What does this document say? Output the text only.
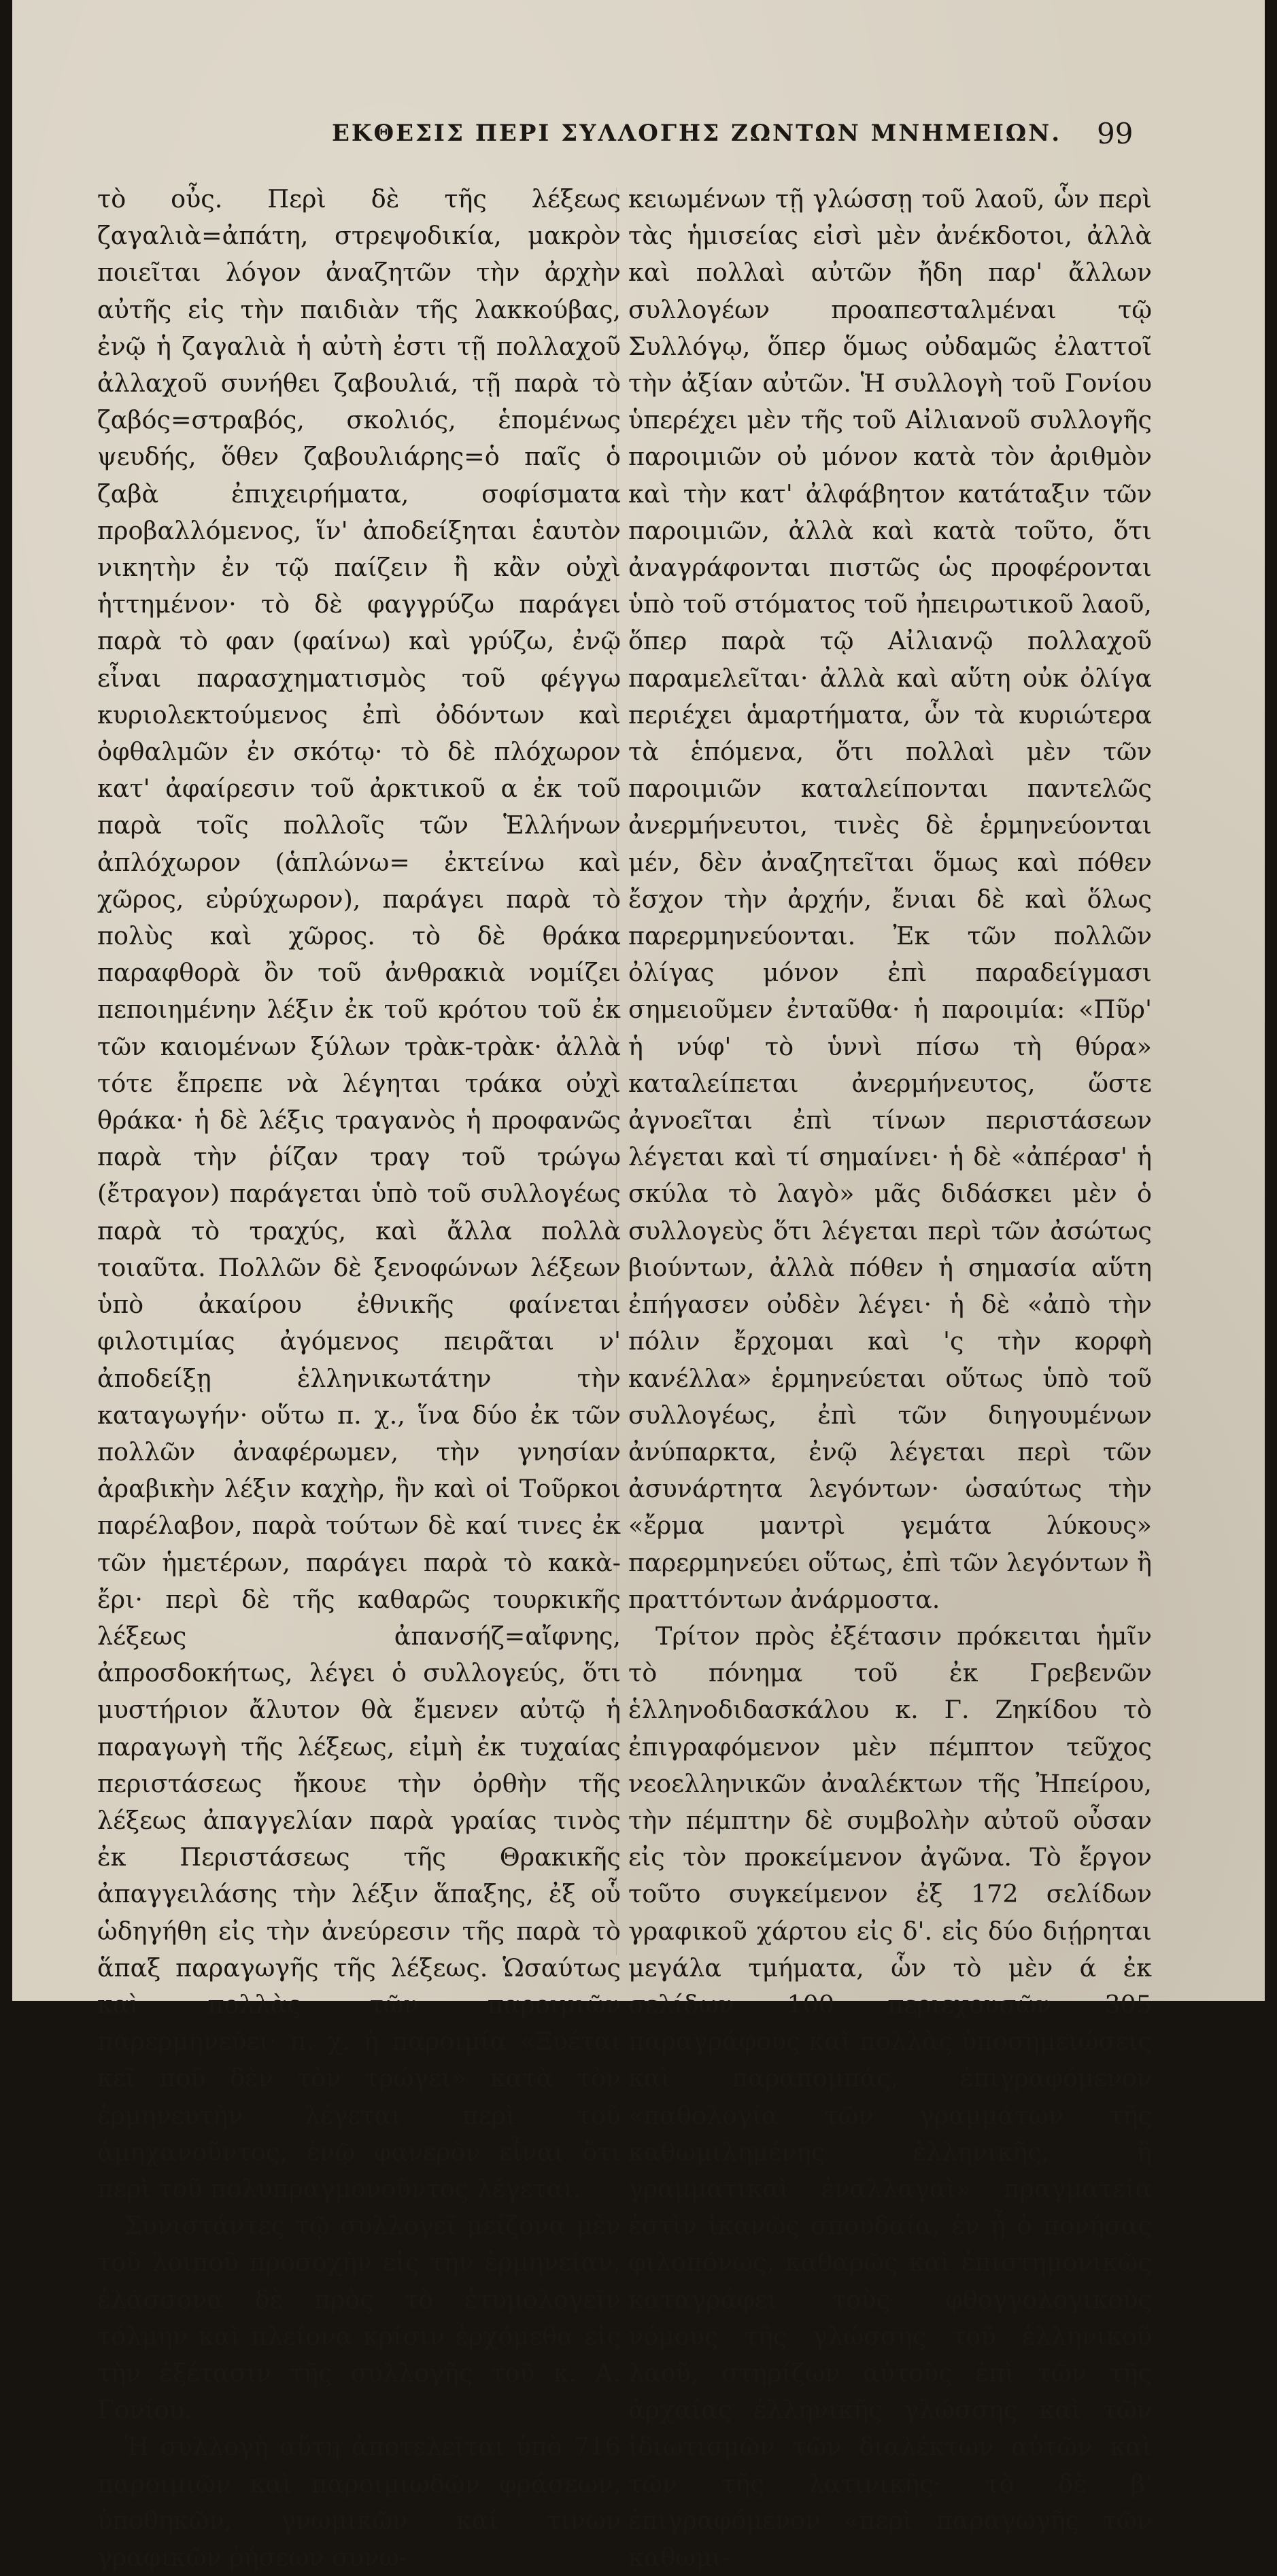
ΕΚΘΕΣΙΣ ΠΕΡΙ ΣΥΛΛΟΓΗΣ ΖΩΝΤΩΝ ΜΝΗΜΕΙΩΝ. 99

τὸ οὖς. Περὶ δὲ τῆς λέξεως ζαγαλιὰ=ἀπάτη, στρεψοδικία, μακρὸν ποιεῖται λόγον ἀναζητῶν τὴν ἀρχὴν αὐτῆς εἰς τὴν παιδιὰν τῆς λακκούβας, ἐνῷ ἡ ζαγαλιὰ ἡ αὐτὴ ἐστι τῇ πολλαχοῦ ἀλλαχοῦ συνήθει ζαβουλιά, τῇ παρὰ τὸ ζαβός=στραβός, σκολιός, ἑπομένως ψευδής, ὅθεν ζαβουλιάρης=ὁ παῖς ὁ ζαβὰ ἐπιχειρήματα, σοφίσματα προβαλλόμενος, ἵν' ἀποδείξηται ἑαυτὸν νικητὴν ἐν τῷ παίζειν ἢ κἂν οὐχὶ ἡττημένον· τὸ δὲ φαγγρύζω παράγει παρὰ τὸ φαν (φαίνω) καὶ γρύζω, ἐνῷ εἶναι παρασχηματισμὸς τοῦ φέγγω κυριολεκτούμενος ἐπὶ ὀδόντων καὶ ὀφθαλμῶν ἐν σκότῳ· τὸ δὲ πλόχωρον κατ' ἀφαίρεσιν τοῦ ἀρκτικοῦ α ἐκ τοῦ παρὰ τοῖς πολλοῖς τῶν Ἑλλήνων ἀπλόχωρον (ἁπλώνω= ἐκτείνω καὶ χῶρος, εὐρύχωρον), παράγει παρὰ τὸ πολὺς καὶ χῶρος. τὸ δὲ θράκα παραφθορὰ ὂν τοῦ ἀνθρακιὰ νομίζει πεποιημένην λέξιν ἐκ τοῦ κρότου τοῦ ἐκ τῶν καιομένων ξύλων τρὰκ-τρὰκ· ἀλλὰ τότε ἔπρεπε νὰ λέγηται τράκα οὐχὶ θράκα· ἡ δὲ λέξις τραγανὸς ἡ προφανῶς παρὰ τὴν ῥίζαν τραγ τοῦ τρώγω (ἔτραγον) παράγεται ὑπὸ τοῦ συλλογέως παρὰ τὸ τραχύς, καὶ ἄλλα πολλὰ τοιαῦτα. Πολλῶν δὲ ξενοφώνων λέξεων ὑπὸ ἀκαίρου ἐθνικῆς φαίνεται φιλοτιμίας ἀγόμενος πειρᾶται ν' ἀποδείξῃ ἑλληνικωτάτην τὴν καταγωγήν· οὕτω π. χ., ἵνα δύο ἐκ τῶν πολλῶν ἀναφέρωμεν, τὴν γνησίαν ἀραβικὴν λέξιν καχὴρ, ἣν καὶ οἱ Τοῦρκοι παρέλαβον, παρὰ τούτων δὲ καί τινες ἐκ τῶν ἡμετέρων, παράγει παρὰ τὸ κακὰ-ἔρι· περὶ δὲ τῆς καθαρῶς τουρκικῆς λέξεως ἀπανσήζ=αἴφνης, ἀπροσδοκήτως, λέγει ὁ συλλογεύς, ὅτι μυστήριον ἄλυτον θὰ ἔμενεν αὐτῷ ἡ παραγωγὴ τῆς λέξεως, εἰμὴ ἐκ τυχαίας περιστάσεως ἤκουε τὴν ὀρθὴν τῆς λέξεως ἀπαγγελίαν παρὰ γραίας τινὸς ἐκ Περιστάσεως τῆς Θρακικῆς ἀπαγγειλάσης τὴν λέξιν ἅπαξης, ἐξ οὗ ὡδηγήθη εἰς τὴν ἀνεύρεσιν τῆς παρὰ τὸ ἅπαξ παραγωγῆς τῆς λέξεως. Ὡσαύτως καὶ πολλὰς τῶν παροιμιῶν παρερμηνεύει· π. χ. ἡ παροιμία «Ξυέται κεῖ ποῦ δὲν τὸν τρώγει» κατὰ τὸν ἑρμηνευτὴν λέγεται περὶ τοῦ ἀμηχανοῦντος, ἐνῷ φανερὸν εἶναι ὅτι περὶ τοῦ πολυπραγμονοῦντος λέγεται.

Συνιστάντες τῷ συλλογεῖ μείζονα μὲν τοῦ λοιποῦ προσοχὴν εἰς τὴν ἑρμηνείαν, ἐλάσσονα δὲ πρὸς τὸ ἐτυμολογεῖν τόλμην καὶ πλείονα κρίσιν ἐρχόμεθα εἰς τὴν ἐξέτασιν τῆς συλλογῆς τοῦ κ. Α. Γονίου.

Ἡ συλλογὴ αὕτη ἀποτελεῖται ὑπὸ 716 παροιμιῶν καὶ παροιμιωδῶν φράσεων, ὑποθηκῶν, γνωμικῶν καί τινων γραφικῶν ῥήσεων συνω-

κειωμένων τῇ γλώσσῃ τοῦ λαοῦ, ὧν περὶ τὰς ἡμισείας εἰσὶ μὲν ἀνέκδοτοι, ἀλλὰ καὶ πολλαὶ αὐτῶν ἤδη παρ' ἄλλων συλλογέων προαπεσταλμέναι τῷ Συλλόγῳ, ὅπερ ὅμως οὐδαμῶς ἐλαττοῖ τὴν ἀξίαν αὐτῶν. Ἡ συλλογὴ τοῦ Γονίου ὑπερέχει μὲν τῆς τοῦ Αἰλιανοῦ συλλογῆς παροιμιῶν οὐ μόνον κατὰ τὸν ἀριθμὸν καὶ τὴν κατ' ἀλφάβητον κατάταξιν τῶν παροιμιῶν, ἀλλὰ καὶ κατὰ τοῦτο, ὅτι ἀναγράφονται πιστῶς ὡς προφέρονται ὑπὸ τοῦ στόματος τοῦ ἠπειρωτικοῦ λαοῦ, ὅπερ παρὰ τῷ Αἰλιανῷ πολλαχοῦ παραμελεῖται· ἀλλὰ καὶ αὕτη οὐκ ὀλίγα περιέχει ἁμαρτήματα, ὧν τὰ κυριώτερα τὰ ἑπόμενα, ὅτι πολλαὶ μὲν τῶν παροιμιῶν καταλείπονται παντελῶς ἀνερμήνευτοι, τινὲς δὲ ἑρμηνεύονται μέν, δὲν ἀναζητεῖται ὅμως καὶ πόθεν ἔσχον τὴν ἀρχήν, ἔνιαι δὲ καὶ ὅλως παρερμηνεύονται. Ἐκ τῶν πολλῶν ὀλίγας μόνον ἐπὶ παραδείγμασι σημειοῦμεν ἐνταῦθα· ἡ παροιμία: «Πῦρ' ἡ νύφ' τὸ ὑννὶ πίσω τὴ θύρα» καταλείπεται ἀνερμήνευτος, ὥστε ἀγνοεῖται ἐπὶ τίνων περιστάσεων λέγεται καὶ τί σημαίνει· ἡ δὲ «ἀπέρασ' ἡ σκύλα τὸ λαγὸ» μᾶς διδάσκει μὲν ὁ συλλογεὺς ὅτι λέγεται περὶ τῶν ἀσώτως βιούντων, ἀλλὰ πόθεν ἡ σημασία αὕτη ἐπήγασεν οὐδὲν λέγει· ἡ δὲ «ἀπὸ τὴν πόλιν ἔρχομαι καὶ 'ς τὴν κορφὴ κανέλλα» ἑρμηνεύεται οὕτως ὑπὸ τοῦ συλλογέως, ἐπὶ τῶν διηγουμένων ἀνύπαρκτα, ἐνῷ λέγεται περὶ τῶν ἀσυνάρτητα λεγόντων· ὡσαύτως τὴν «ἔρμα μαντρὶ γεμάτα λύκους» παρερμηνεύει οὕτως, ἐπὶ τῶν λεγόντων ἢ πραττόντων ἀνάρμοστα.

Τρίτον πρὸς ἐξέτασιν πρόκειται ἡμῖν τὸ πόνημα τοῦ ἐκ Γρεβενῶν ἑλληνοδιδασκάλου κ. Γ. Ζηκίδου τὸ ἐπιγραφόμενον μὲν πέμπτον τεῦχος νεοελληνικῶν ἀναλέκτων τῆς Ἠπείρου, τὴν πέμπτην δὲ συμβολὴν αὐτοῦ οὖσαν εἰς τὸν προκείμενον ἀγῶνα. Τὸ ἔργον τοῦτο συγκείμενον ἐξ 172 σελίδων γραφικοῦ χάρτου εἰς δ'. εἰς δύο διῄρηται μεγάλα τμήματα, ὧν τὸ μὲν ά ἐκ σελίδων 100 περιεχουσῶν 305 παραγράφους καὶ πολλὰς ὑποσημειώσεις καὶ παραπομπάς, ἐπιγραφόμενον «παθολογία τῶν γραμμάτων τῆς καθωμιλημένης ἑλληνικῆς, ἢ γραμματικαὶ ἐναλλαγαὶ» πραγματεία ἐστὶν ἱκανῶς σπουδαία, ἐν ᾗ ὁ πονήσας φιλοπόνως, καθαρῶς καὶ ἐπιστημονικῶς καταγράφει τοὺς φθογγολογικοὺς νόμους τῆς γλώσσης τοῦ ἑλληνικοῦ λαοῦ, στηρίζων αὐτοὺς ἐπὶ τῶν τῆς ἀρχαίας ἑλληνικῆς γλώσσης καὶ τῶν ἰδιωτισμῶν τῶν διαλέκτων αὐτῶν καὶ τῶν τῆς λατινικῆς· τὸ δὲ β' ἐπιγραφόμενον «περὶ παραγωγῆς τῶν καθωμι-
